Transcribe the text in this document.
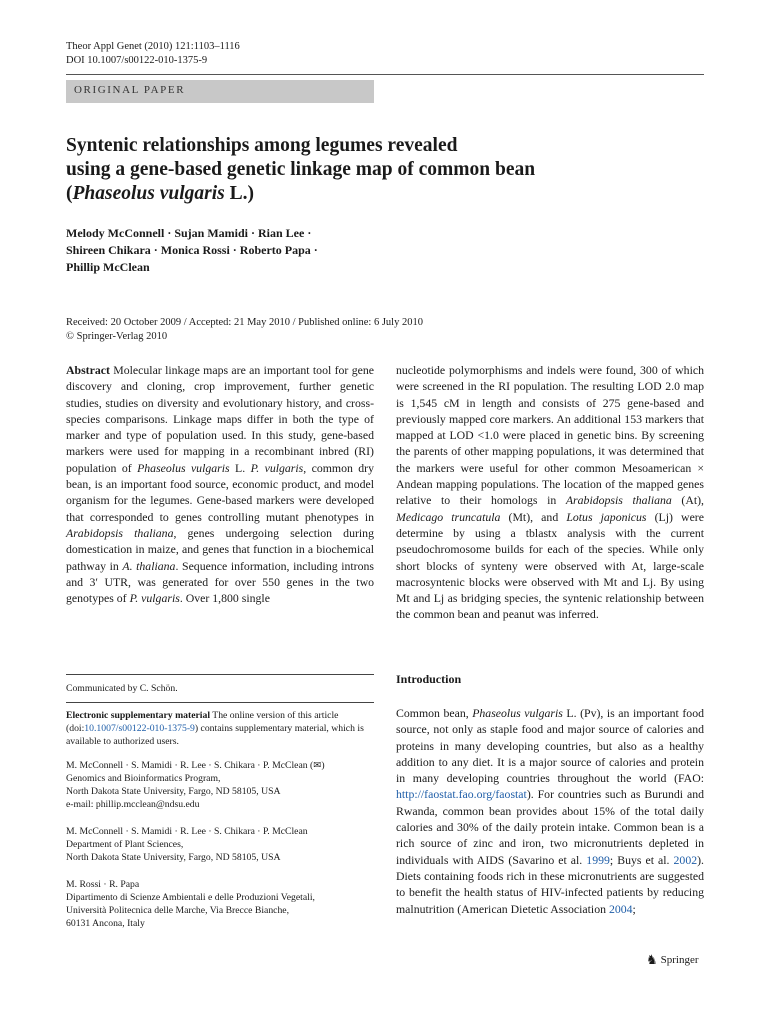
Theor Appl Genet (2010) 121:1103–1116
DOI 10.1007/s00122-010-1375-9
ORIGINAL PAPER
Syntenic relationships among legumes revealed
using a gene-based genetic linkage map of common bean
(Phaseolus vulgaris L.)
Melody McConnell · Sujan Mamidi · Rian Lee ·
Shireen Chikara · Monica Rossi · Roberto Papa ·
Phillip McClean
Received: 20 October 2009 / Accepted: 21 May 2010 / Published online: 6 July 2010
© Springer-Verlag 2010

Abstract Molecular linkage maps are an important tool for gene discovery and cloning, crop improvement, further genetic studies, studies on diversity and evolutionary history, and cross-species comparisons. Linkage maps differ in both the type of marker and type of population used. In this study, gene-based markers were used for mapping in a recombinant inbred (RI) population of Phaseolus vulgaris L. P. vulgaris, common dry bean, is an important food source, economic product, and model organism for the legumes. Gene-based markers were developed that corresponded to genes controlling mutant phenotypes in Arabidopsis thaliana, genes undergoing selection during domestication in maize, and genes that function in a biochemical pathway in A. thaliana. Sequence information, including introns and 3′ UTR, was generated for over 550 genes in the two genotypes of P. vulgaris. Over 1,800 single

nucleotide polymorphisms and indels were found, 300 of which were screened in the RI population. The resulting LOD 2.0 map is 1,545 cM in length and consists of 275 gene-based and previously mapped core markers. An additional 153 markers that mapped at LOD <1.0 were placed in genetic bins. By screening the parents of other mapping populations, it was determined that the markers were useful for other common Mesoamerican × Andean mapping populations. The location of the mapped genes relative to their homologs in Arabidopsis thaliana (At), Medicago truncatula (Mt), and Lotus japonicus (Lj) were determine by using a tblastx analysis with the current pseudochromosome builds for each of the species. While only short blocks of synteny were observed with At, large-scale macrosyntenic blocks were observed with Mt and Lj. By using Mt and Lj as bridging species, the syntenic relationship between the common bean and peanut was inferred.

Introduction

Common bean, Phaseolus vulgaris L. (Pv), is an important food source, not only as staple food and major source of calories and proteins in many developing countries, but also as a healthy addition to any diet. It is a major source of calories and protein in many developing countries throughout the world (FAO: http://faostat.fao.org/faostat). For countries such as Burundi and Rwanda, common bean provides about 15% of the total daily calories and 30% of the daily protein intake. Common bean is a rich source of zinc and iron, two micronutrients depleted in individuals with AIDS (Savarino et al. 1999; Buys et al. 2002). Diets containing foods rich in these micronutrients are suggested to benefit the health status of HIV-infected patients by reducing malnutrition (American Dietetic Association 2004;

Communicated by C. Schön.
Electronic supplementary material The online version of this article (doi:10.1007/s00122-010-1375-9) contains supplementary material, which is available to authorized users.
M. McConnell · S. Mamidi · R. Lee · S. Chikara · P. McClean (✉)
Genomics and Bioinformatics Program,
North Dakota State University, Fargo, ND 58105, USA
e-mail: phillip.mcclean@ndsu.edu
M. McConnell · S. Mamidi · R. Lee · S. Chikara · P. McClean
Department of Plant Sciences,
North Dakota State University, Fargo, ND 58105, USA
M. Rossi · R. Papa
Dipartimento di Scienze Ambientali e delle Produzioni Vegetali,
Università Politecnica delle Marche, Via Brecce Bianche,
60131 Ancona, Italy
♞ Springer
